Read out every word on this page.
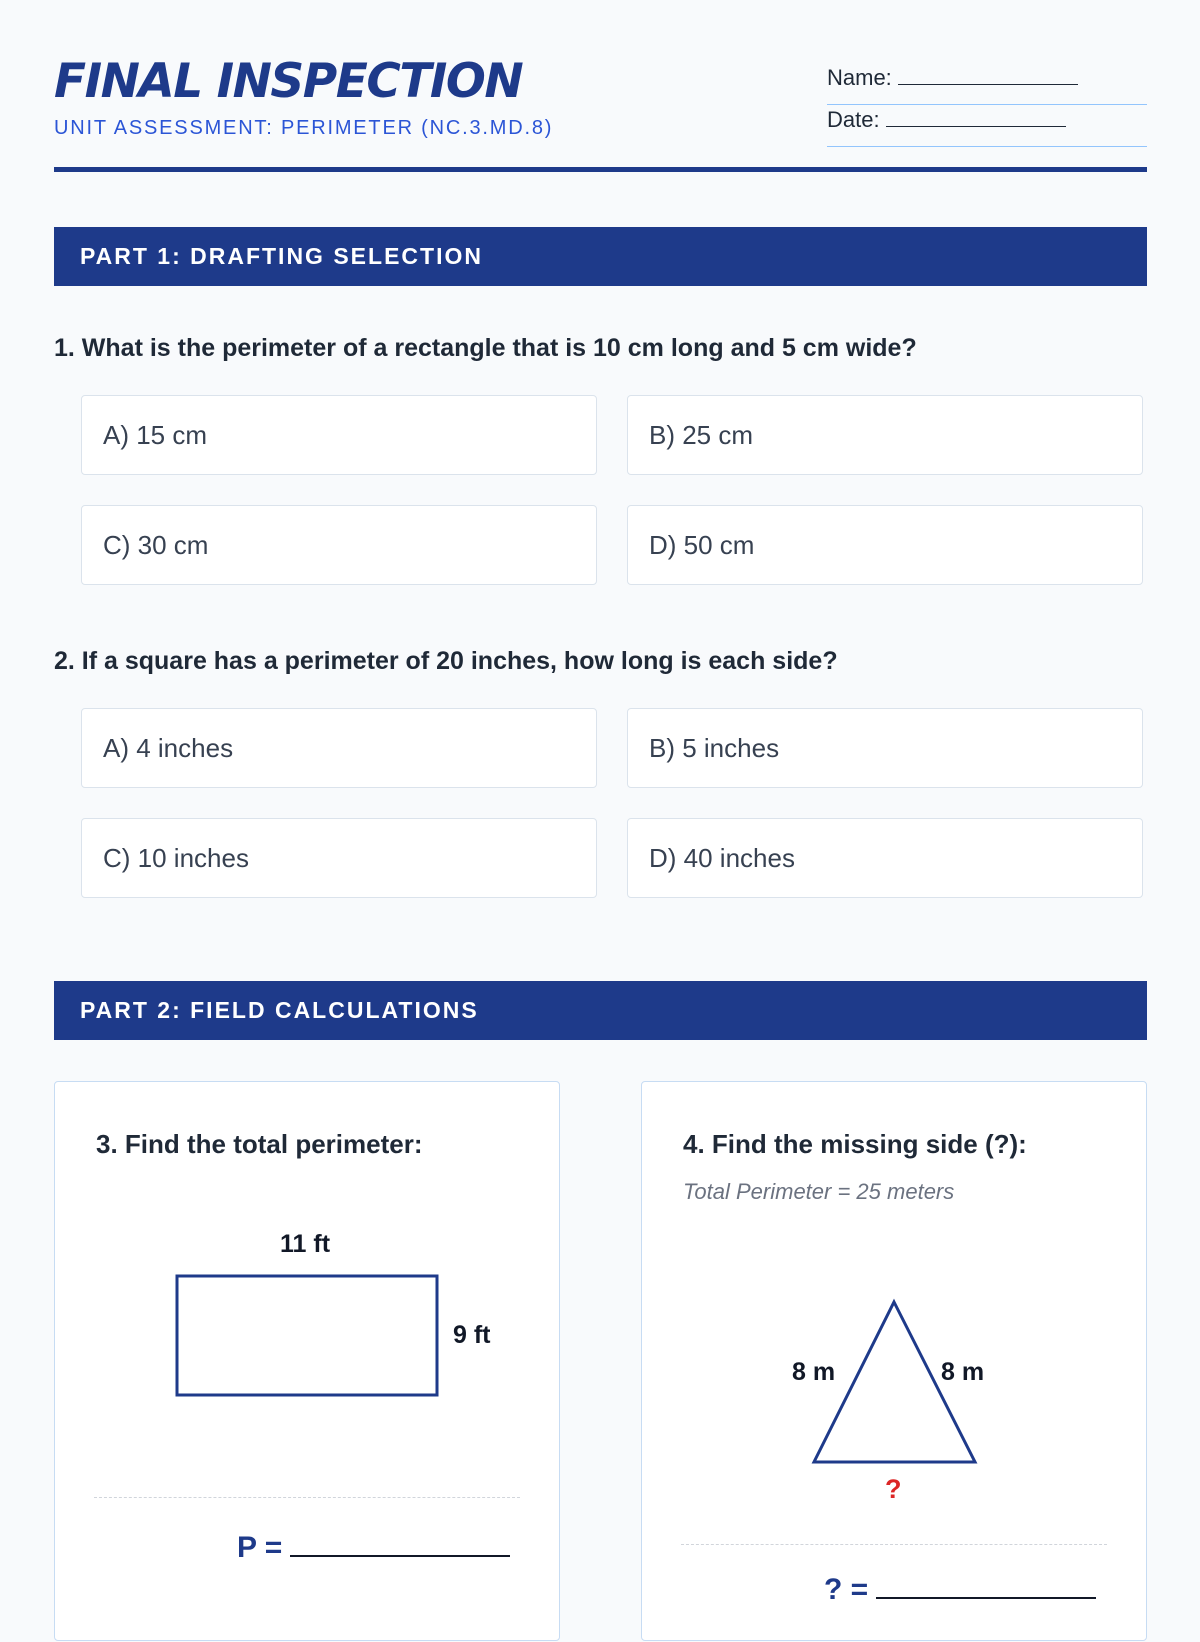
FINAL INSPECTION
UNIT ASSESSMENT: PERIMETER (NC.3.MD.8)
Name:
Date:
PART 1: DRAFTING SELECTION
1. What is the perimeter of a rectangle that is 10 cm long and 5 cm wide?
A) 15 cm	B) 25 cm
C) 30 cm	D) 50 cm
2. If a square has a perimeter of 20 inches, how long is each side?
A) 4 inches	B) 5 inches
C) 10 inches	D) 40 inches
PART 2: FIELD CALCULATIONS
3. Find the total perimeter:
11 ft
9 ft
P =
4. Find the missing side (?):
Total Perimeter = 25 meters
8 m	8 m
?
? =
